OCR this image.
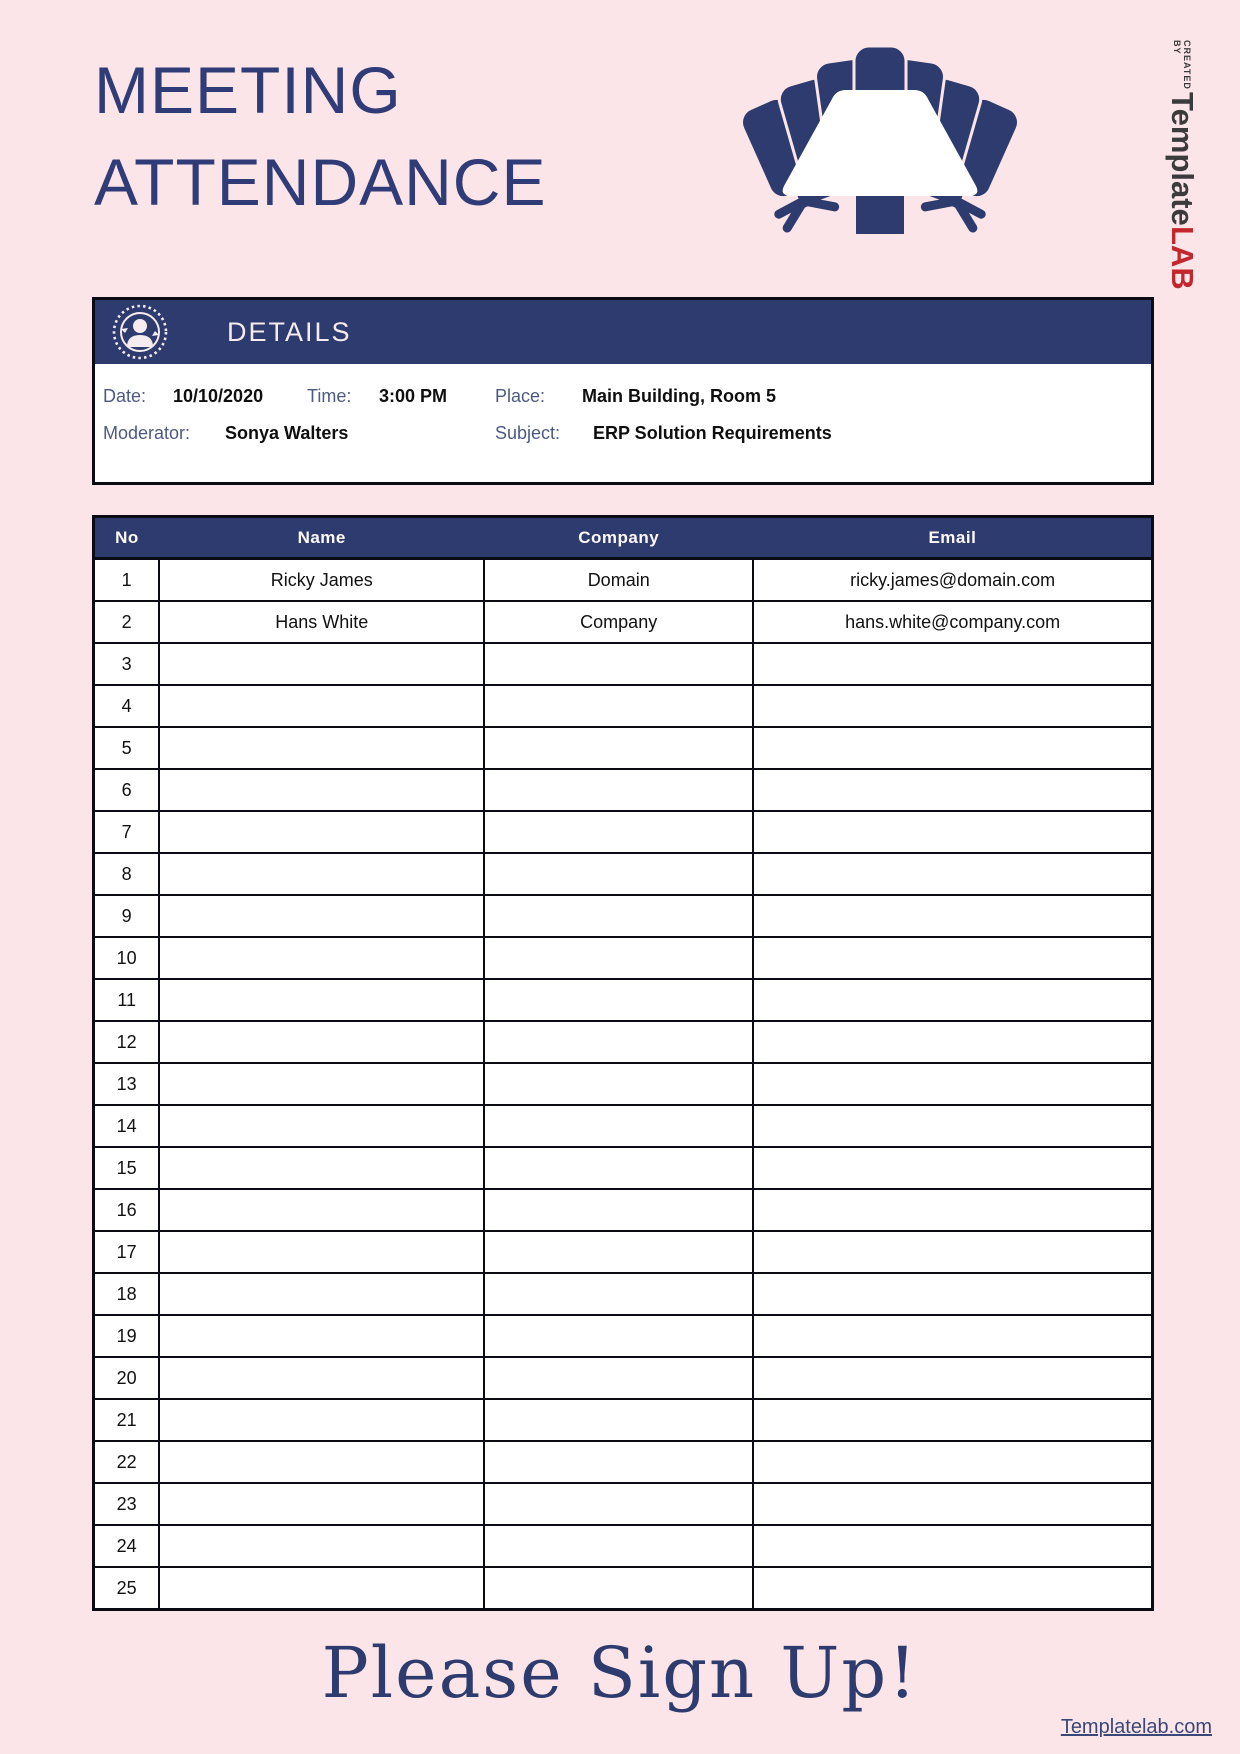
MEETING
ATTENDANCE
CREATED BY
Template
LAB
DETAILS
Date: 10/10/2020 Time: 3:00 PM	Place: Main Building, Room 5
Moderator: Sonya Walters	Subject: ERP Solution Requirements
No	Name	Company	Email
1	Ricky James	Domain	ricky.james@domain.com
2	Hans White	Company	hans.white@company.com
3			
4			
5			
6			
7			
8			
9			
10			
11			
12			
13			
14			
15			
16			
17			
18			
19			
20			
21			
22			
23			
24			
25			
Please Sign Up!
Templatelab.com
